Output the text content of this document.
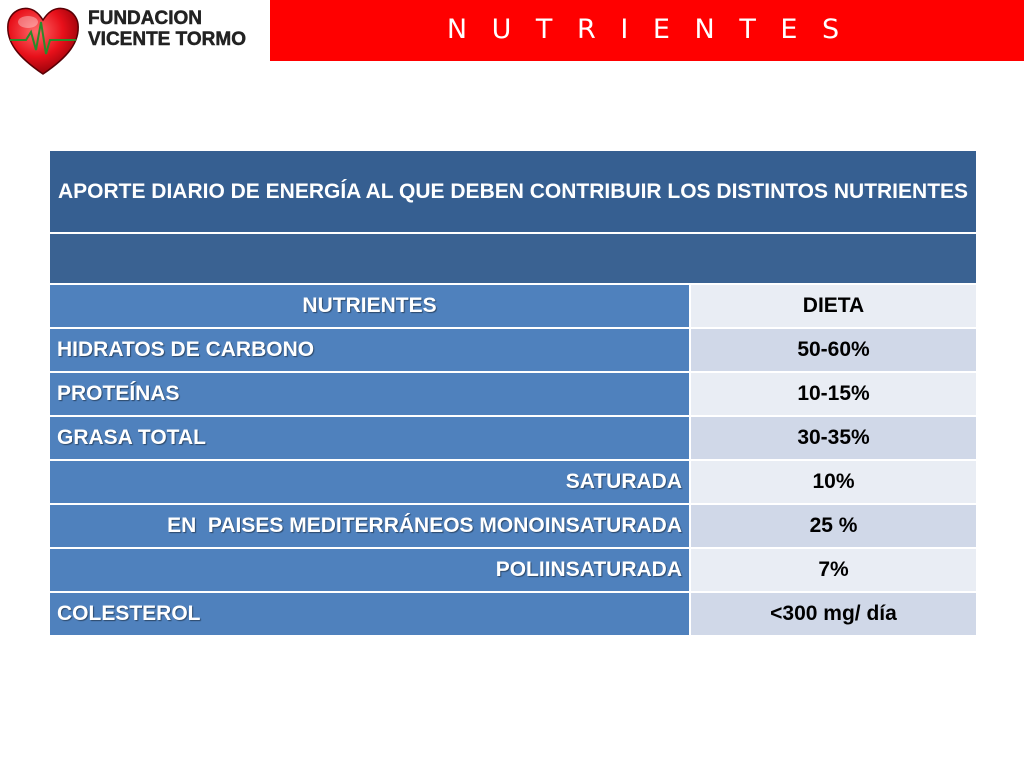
FUNDACION
VICENTE TORMO	N U T R I E N T E S
APORTE DIARIO DE ENERGÍA AL QUE DEBEN CONTRIBUIR LOS DISTINTOS NUTRIENTES	

NUTRIENTES	DIETA
HIDRATOS DE CARBONO	50-60%
PROTEÍNAS	10-15%
GRASA TOTAL	30-35%
SATURADA	10%
EN  PAISES MEDITERRÁNEOS MONOINSATURADA	25 %
POLIINSATURADA	7%
COLESTEROL	<300 mg/ día
